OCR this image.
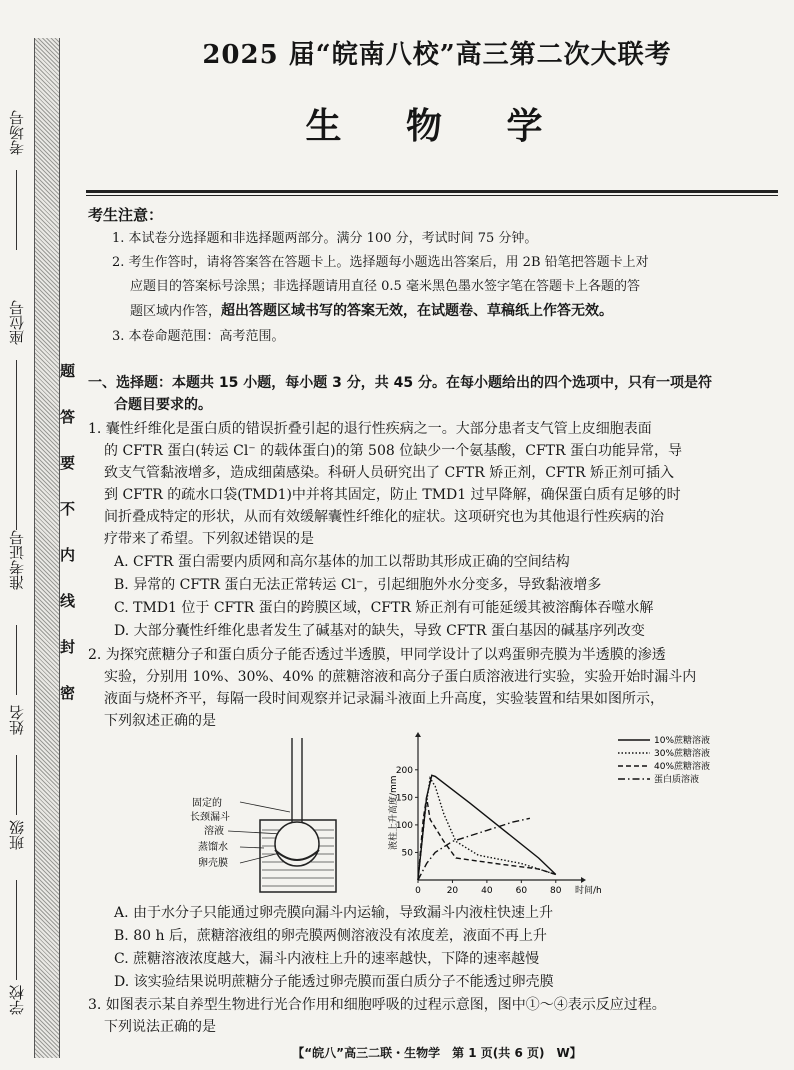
考场号
座位号
准考证号
姓名
班级
学校
题
答
要
不
内
线
封
密
2025 届“皖南八校”高三第二次大联考
生 物 学
考生注意：
1. 本试卷分选择题和非选择题两部分。满分 100 分，考试时间 75 分钟。
2. 考生作答时，请将答案答在答题卡上。选择题每小题选出答案后，用 2B 铅笔把答题卡上对
应题目的答案标号涂黑；非选择题请用直径 0.5 毫米黑色墨水签字笔在答题卡上各题的答
题区域内作答，超出答题区域书写的答案无效，在试题卷、草稿纸上作答无效。
3. 本卷命题范围：高考范围。
一、选择题：本题共 15 小题，每小题 3 分，共 45 分。在每小题给出的四个选项中，只有一项是符
合题目要求的。
1. 囊性纤维化是蛋白质的错误折叠引起的退行性疾病之一。大部分患者支气管上皮细胞表面
的 CFTR 蛋白(转运 Cl⁻ 的载体蛋白)的第 508 位缺少一个氨基酸，CFTR 蛋白功能异常，导
致支气管黏液增多，造成细菌感染。科研人员研究出了 CFTR 矫正剂，CFTR 矫正剂可插入
到 CFTR 的疏水口袋(TMD1)中并将其固定，防止 TMD1 过早降解，确保蛋白质有足够的时
间折叠成特定的形状，从而有效缓解囊性纤维化的症状。这项研究也为其他退行性疾病的治
疗带来了希望。下列叙述错误的是
A. CFTR 蛋白需要内质网和高尔基体的加工以帮助其形成正确的空间结构
B. 异常的 CFTR 蛋白无法正常转运 Cl⁻，引起细胞外水分变多，导致黏液增多
C. TMD1 位于 CFTR 蛋白的跨膜区域，CFTR 矫正剂有可能延缓其被溶酶体吞噬水解
D. 大部分囊性纤维化患者发生了碱基对的缺失，导致 CFTR 蛋白基因的碱基序列改变
2. 为探究蔗糖分子和蛋白质分子能否透过半透膜，甲同学设计了以鸡蛋卵壳膜为半透膜的渗透
实验，分别用 10%、30%、40% 的蔗糖溶液和高分子蛋白质溶液进行实验，实验开始时漏斗内
液面与烧杯齐平，每隔一段时间观察并记录漏斗液面上升高度，实验装置和结果如图所示，
下列叙述正确的是
固定的
长颈漏斗
溶液
蒸馏水
卵壳膜
0	20	40	60	80
50
100
150
200
10%蔗糖溶液
30%蔗糖溶液
40%蔗糖溶液
蛋白质溶液
液柱上升高度/mm
时间/h
A. 由于水分子只能通过卵壳膜向漏斗内运输，导致漏斗内液柱快速上升
B. 80 h 后，蔗糖溶液组的卵壳膜两侧溶液没有浓度差，液面不再上升
C. 蔗糖溶液浓度越大，漏斗内液柱上升的速率越快，下降的速率越慢
D. 该实验结果说明蔗糖分子能透过卵壳膜而蛋白质分子不能透过卵壳膜
3. 如图表示某自养型生物进行光合作用和细胞呼吸的过程示意图，图中①～④表示反应过程。
下列说法正确的是
【“皖八”高三二联・生物学　第 1 页(共 6 页)　W】
